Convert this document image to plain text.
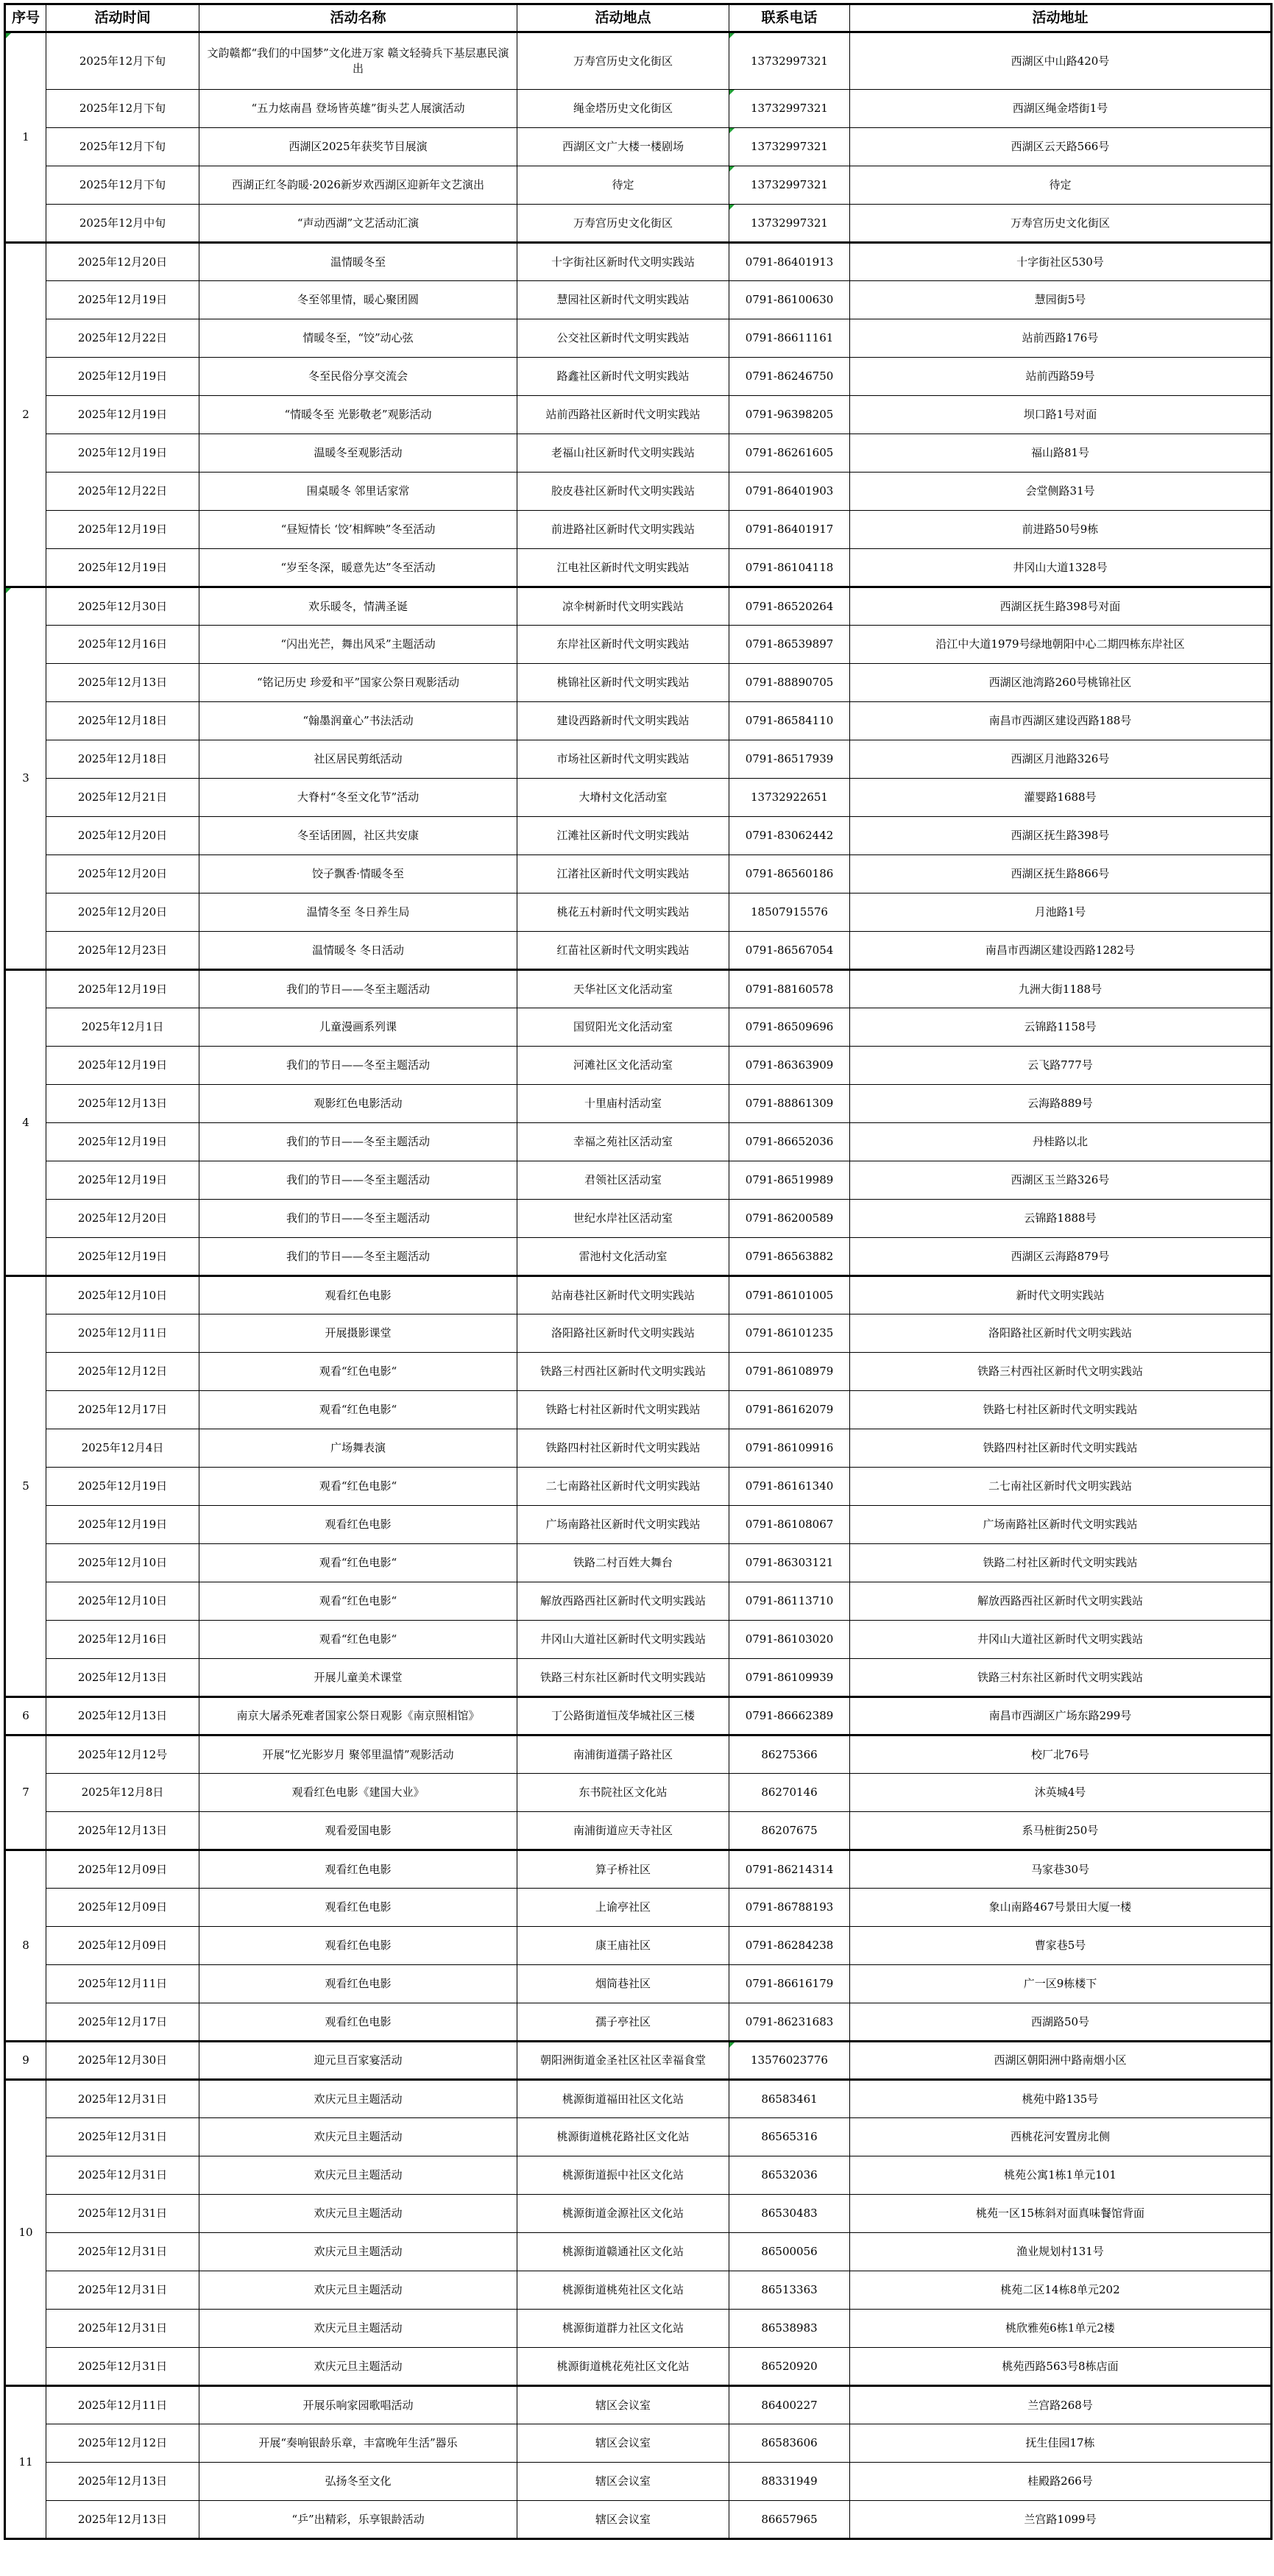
序号	活动时间	活动名称	活动地点	联系电话	活动地址
1	2025年12月下旬	文韵赣都“我们的中国梦”文化进万家 赣文轻骑兵下基层惠民演出	万寿宫历史文化街区	13732997321	西湖区中山路420号
	2025年12月下旬	“五力炫南昌 登场皆英雄”街头艺人展演活动	绳金塔历史文化街区	13732997321	西湖区绳金塔街1号
	2025年12月下旬	西湖区2025年获奖节目展演	西湖区文广大楼一楼剧场	13732997321	西湖区云天路566号
	2025年12月下旬	西湖正红冬韵暖·2026新岁欢西湖区迎新年文艺演出	待定	13732997321	待定
	2025年12月中旬	“声动西湖”文艺活动汇演	万寿宫历史文化街区	13732997321	万寿宫历史文化街区
2	2025年12月20日	温情暖冬至	十字街社区新时代文明实践站	0791-86401913	十字街社区530号
	2025年12月19日	冬至邻里情，暖心聚团圆	慧园社区新时代文明实践站	0791-86100630	慧园街5号
	2025年12月22日	情暖冬至，“饺”动心弦	公交社区新时代文明实践站	0791-86611161	站前西路176号
	2025年12月19日	冬至民俗分享交流会	路鑫社区新时代文明实践站	0791-86246750	站前西路59号
	2025年12月19日	“情暖冬至 光影敬老”观影活动	站前西路社区新时代文明实践站	0791-96398205	坝口路1号对面
	2025年12月19日	温暖冬至观影活动	老福山社区新时代文明实践站	0791-86261605	福山路81号
	2025年12月22日	围桌暖冬 邻里话家常	胶皮巷社区新时代文明实践站	0791-86401903	会堂侧路31号
	2025年12月19日	“昼短情长 ‘饺’相辉映”冬至活动	前进路社区新时代文明实践站	0791-86401917	前进路50号9栋
	2025年12月19日	“岁至冬深，暖意先达”冬至活动	江电社区新时代文明实践站	0791-86104118	井冈山大道1328号
3	2025年12月30日	欢乐暖冬，情满圣诞	凉伞树新时代文明实践站	0791-86520264	西湖区抚生路398号对面
	2025年12月16日	“闪出光芒，舞出风采”主题活动	东岸社区新时代文明实践站	0791-86539897	沿江中大道1979号绿地朝阳中心二期四栋东岸社区
	2025年12月13日	“铭记历史 珍爱和平”国家公祭日观影活动	桃锦社区新时代文明实践站	0791-88890705	西湖区池湾路260号桃锦社区
	2025年12月18日	“翰墨润童心”书法活动	建设西路新时代文明实践站	0791-86584110	南昌市西湖区建设西路188号
	2025年12月18日	社区居民剪纸活动	市场社区新时代文明实践站	0791-86517939	西湖区月池路326号
	2025年12月21日	大脊村“冬至文化节”活动	大塉村文化活动室	13732922651	灌婴路1688号
	2025年12月20日	冬至话团圆，社区共安康	江滩社区新时代文明实践站	0791-83062442	西湖区抚生路398号
	2025年12月20日	饺子飘香·情暖冬至	江渚社区新时代文明实践站	0791-86560186	西湖区抚生路866号
	2025年12月20日	温情冬至 冬日养生局	桃花五村新时代文明实践站	18507915576	月池路1号
	2025年12月23日	温情暖冬 冬日活动	红苗社区新时代文明实践站	0791-86567054	南昌市西湖区建设西路1282号
4	2025年12月19日	我们的节日——冬至主题活动	天华社区文化活动室	0791-88160578	九洲大街1188号
	2025年12月1日	儿童漫画系列课	国贸阳光文化活动室	0791-86509696	云锦路1158号
	2025年12月19日	我们的节日——冬至主题活动	河滩社区文化活动室	0791-86363909	云飞路777号
	2025年12月13日	观影红色电影活动	十里庙村活动室	0791-88861309	云海路889号
	2025年12月19日	我们的节日——冬至主题活动	幸福之苑社区活动室	0791-86652036	丹桂路以北
	2025年12月19日	我们的节日——冬至主题活动	君领社区活动室	0791-86519989	西湖区玉兰路326号
	2025年12月20日	我们的节日——冬至主题活动	世纪水岸社区活动室	0791-86200589	云锦路1888号
	2025年12月19日	我们的节日——冬至主题活动	雷池村文化活动室	0791-86563882	西湖区云海路879号
5	2025年12月10日	观看红色电影	站南巷社区新时代文明实践站	0791-86101005	新时代文明实践站
	2025年12月11日	开展摄影课堂	洛阳路社区新时代文明实践站	0791-86101235	洛阳路社区新时代文明实践站
	2025年12月12日	观看“红色电影“	铁路三村西社区新时代文明实践站	0791-86108979	铁路三村西社区新时代文明实践站
	2025年12月17日	观看“红色电影“	铁路七村社区新时代文明实践站	0791-86162079	铁路七村社区新时代文明实践站
	2025年12月4日	广场舞表演	铁路四村社区新时代文明实践站	0791-86109916	铁路四村社区新时代文明实践站
	2025年12月19日	观看“红色电影“	二七南路社区新时代文明实践站	0791-86161340	二七南社区新时代文明实践站
	2025年12月19日	观看红色电影	广场南路社区新时代文明实践站	0791-86108067	广场南路社区新时代文明实践站
	2025年12月10日	观看“红色电影“	铁路二村百姓大舞台	0791-86303121	铁路二村社区新时代文明实践站
	2025年12月10日	观看“红色电影“	解放西路西社区新时代文明实践站	0791-86113710	解放西路西社区新时代文明实践站
	2025年12月16日	观看“红色电影“	井冈山大道社区新时代文明实践站	0791-86103020	井冈山大道社区新时代文明实践站
	2025年12月13日	开展儿童美术课堂	铁路三村东社区新时代文明实践站	0791-86109939	铁路三村东社区新时代文明实践站
6	2025年12月13日	南京大屠杀死难者国家公祭日观影《南京照相馆》	丁公路街道恒茂华城社区三楼	0791-86662389	南昌市西湖区广场东路299号
7	2025年12月12号	开展“忆光影岁月 聚邻里温情”观影活动	南浦街道孺子路社区	86275366	校厂北76号
	2025年12月8日	观看红色电影《建国大业》	东书院社区文化站	86270146	沐英城4号
	2025年12月13日	观看爱国电影	南浦街道应天寺社区	86207675	系马桩街250号
8	2025年12月09日	观看红色电影	算子桥社区	0791-86214314	马家巷30号
	2025年12月09日	观看红色电影	上谕亭社区	0791-86788193	象山南路467号景田大厦一楼
	2025年12月09日	观看红色电影	康王庙社区	0791-86284238	曹家巷5号
	2025年12月11日	观看红色电影	烟筒巷社区	0791-86616179	广一区9栋楼下
	2025年12月17日	观看红色电影	孺子亭社区	0791-86231683	西湖路50号
9	2025年12月30日	迎元旦百家宴活动	朝阳洲街道金圣社区社区幸福食堂	13576023776	西湖区朝阳洲中路南烟小区
10	2025年12月31日	欢庆元旦主题活动	桃源街道福田社区文化站	86583461	桃苑中路135号
	2025年12月31日	欢庆元旦主题活动	桃源街道桃花路社区文化站	86565316	西桃花河安置房北侧
	2025年12月31日	欢庆元旦主题活动	桃源街道振中社区文化站	86532036	桃苑公寓1栋1单元101
	2025年12月31日	欢庆元旦主题活动	桃源街道金源社区文化站	86530483	桃苑一区15栋斜对面真味餐馆背面
	2025年12月31日	欢庆元旦主题活动	桃源街道赣通社区文化站	86500056	渔业规划村131号
	2025年12月31日	欢庆元旦主题活动	桃源街道桃苑社区文化站	86513363	桃苑二区14栋8单元202
	2025年12月31日	欢庆元旦主题活动	桃源街道群力社区文化站	86538983	桃欣雅苑6栋1单元2楼
	2025年12月31日	欢庆元旦主题活动	桃源街道桃花苑社区文化站	86520920	桃苑西路563号8栋店面
11	2025年12月11日	开展乐响家园歌唱活动	辖区会议室	86400227	兰宫路268号
	2025年12月12日	开展“奏响银龄乐章，丰富晚年生活”器乐	辖区会议室	86583606	抚生佳园17栋
	2025年12月13日	弘扬冬至文化	辖区会议室	88331949	桂殿路266号
	2025年12月13日	“乒”出精彩，乐享银龄活动	辖区会议室	86657965	兰宫路1099号
